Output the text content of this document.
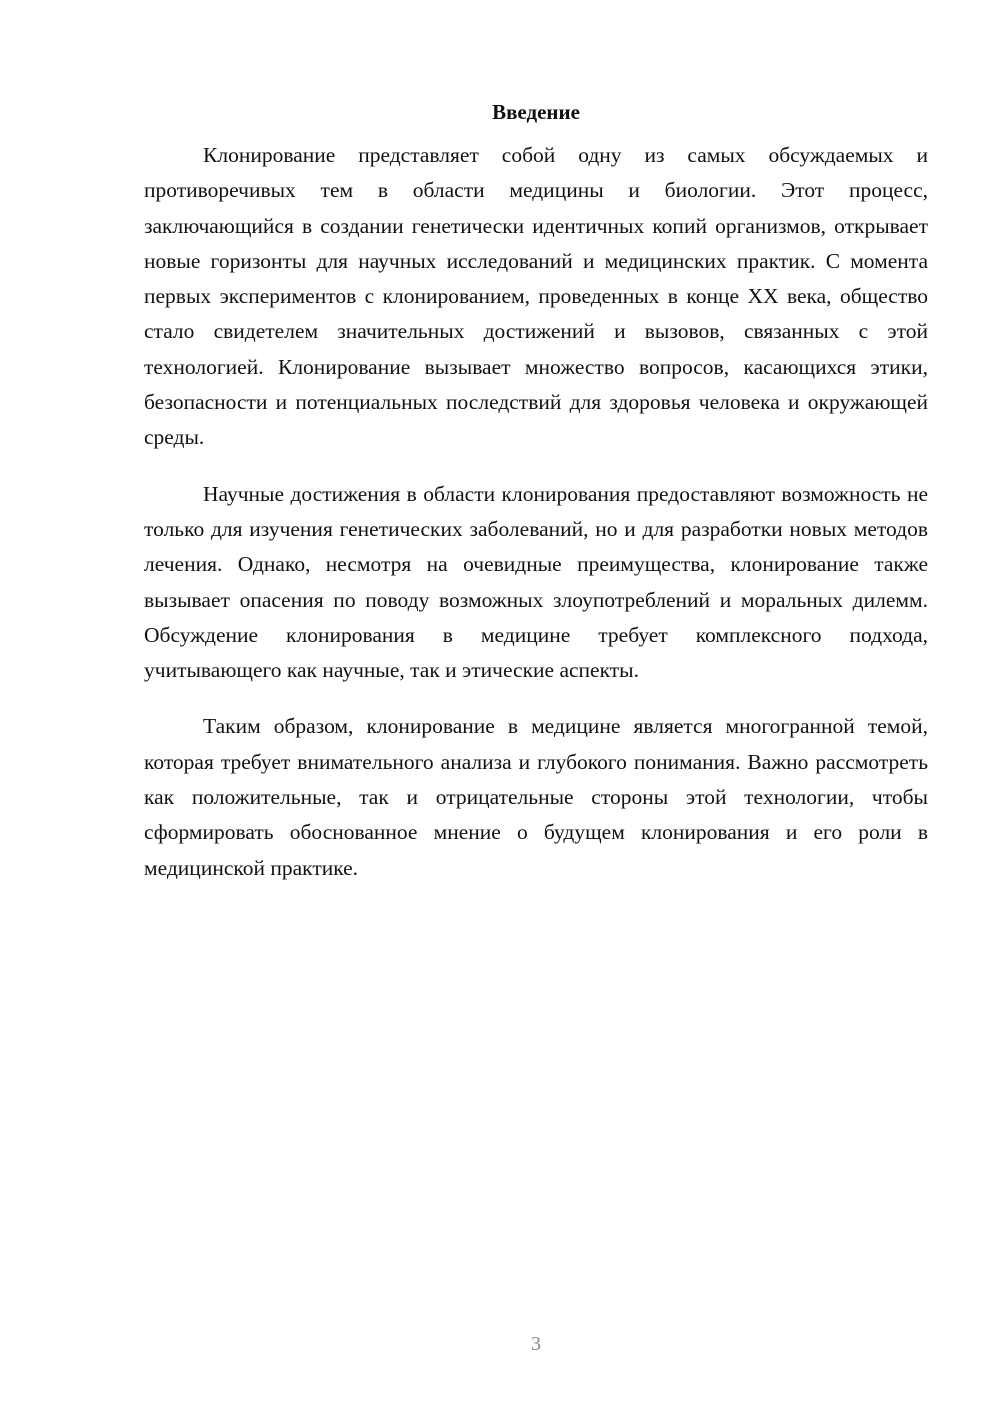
Введение

Клонирование представляет собой одну из самых обсуждаемых и противоречивых тем в области медицины и биологии. Этот процесс, заключающийся в создании генетически идентичных копий организмов, открывает новые горизонты для научных исследований и медицинских практик. С момента первых экспериментов с клонированием, проведенных в конце XX века, общество стало свидетелем значительных достижений и вызовов, связанных с этой технологией. Клонирование вызывает множество вопросов, касающихся этики, безопасности и потенциальных последствий для здоровья человека и окружающей среды.

Научные достижения в области клонирования предоставляют возможность не только для изучения генетических заболеваний, но и для разработки новых методов лечения. Однако, несмотря на очевидные преимущества, клонирование также вызывает опасения по поводу возможных злоупотреблений и моральных дилемм. Обсуждение клонирования в медицине требует комплексного подхода, учитывающего как научные, так и этические аспекты.

Таким образом, клонирование в медицине является многогранной темой, которая требует внимательного анализа и глубокого понимания. Важно рассмотреть как положительные, так и отрицательные стороны этой технологии, чтобы сформировать обоснованное мнение о будущем клонирования и его роли в медицинской практике.

3
